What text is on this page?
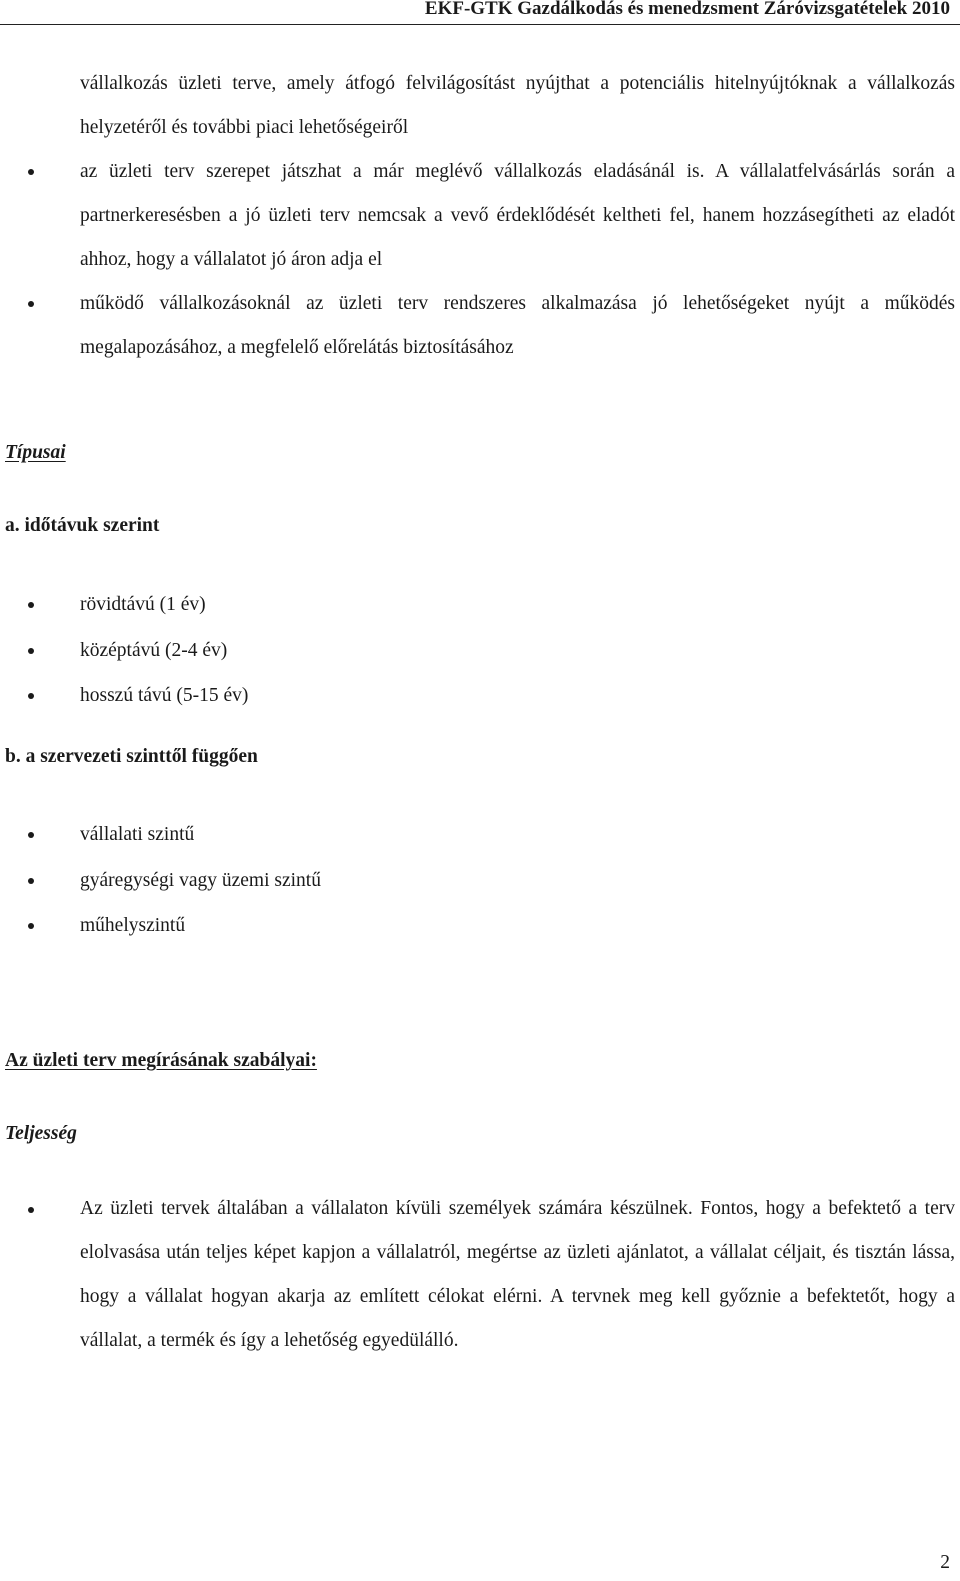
EKF-GTK Gazdálkodás és menedzsment Záróvizsgatételek 2010
vállalkozás üzleti terve, amely átfogó felvilágosítást nyújthat a potenciális hitelnyújtóknak a vállalkozás helyzetéről és további piaci lehetőségeiről
az üzleti terv szerepet játszhat a már meglévő vállalkozás eladásánál is. A vállalatfelvásárlás során a partnerkeresésben a jó üzleti terv nemcsak a vevő érdeklődését keltheti fel, hanem hozzásegítheti az eladót ahhoz, hogy a vállalatot jó áron adja el
működő vállalkozásoknál az üzleti terv rendszeres alkalmazása jó lehetőségeket nyújt a működés megalapozásához, a megfelelő előrelátás biztosításához
Típusai
a. időtávuk szerint
rövidtávú (1 év)
középtávú (2-4 év)
hosszú távú (5-15 év)
b. a szervezeti szinttől függően
vállalati szintű
gyáregységi vagy üzemi szintű
műhelyszintű
Az üzleti terv megírásának szabályai:
Teljesség
Az üzleti tervek általában a vállalaton kívüli személyek számára készülnek. Fontos, hogy a befektető a terv elolvasása után teljes képet kapjon a vállalatról, megértse az üzleti ajánlatot, a vállalat céljait, és tisztán lássa, hogy a vállalat hogyan akarja az említett célokat elérni. A tervnek meg kell győznie a befektetőt, hogy a vállalat, a termék és így a lehetőség egyedülálló.
2
